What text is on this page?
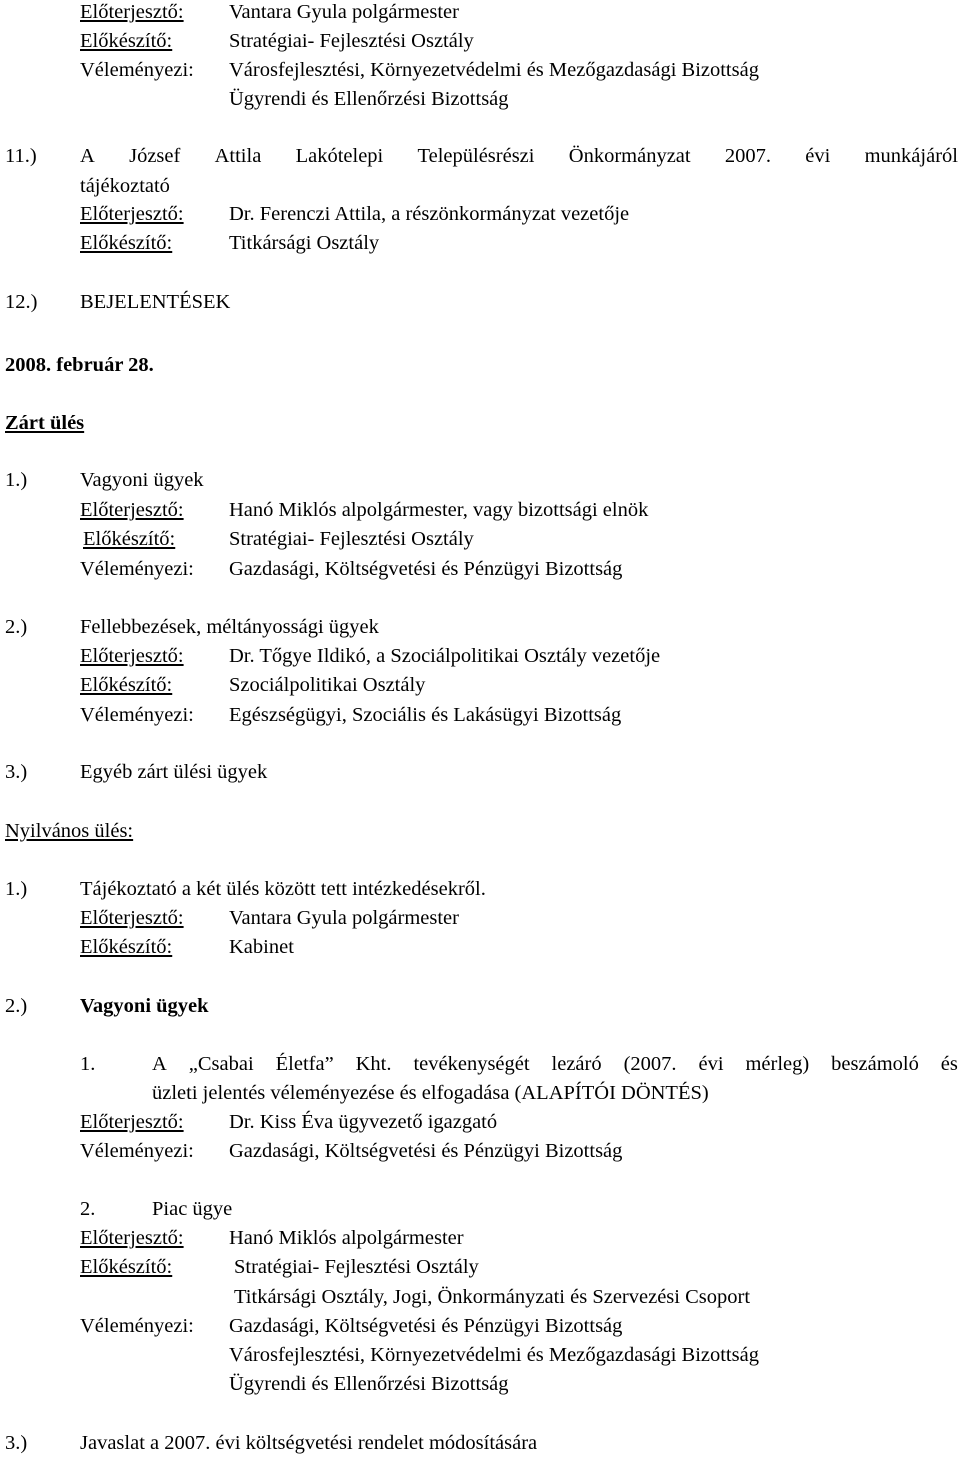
Előterjesztő: Vantara Gyula polgármester
Előkészítő:	Stratégiai- Fejlesztési Osztály
Véleményezi: Városfejlesztési, Környezetvédelmi és Mezőgazdasági Bizottság
Ügyrendi és Ellenőrzési Bizottság
11.) A József Attila Lakótelepi Településrészi Önkormányzat 2007. évi munkájáról
tájékoztató
Előterjesztő: Dr. Ferenczi Attila, a részönkormányzat vezetője
Előkészítő:	Titkársági Osztály
12.) BEJELENTÉSEK
2008. február 28.
Zárt ülés
1.)	Vagyoni ügyek
Előterjesztő: Hanó Miklós alpolgármester, vagy bizottsági elnök
Előkészítő:	Stratégiai- Fejlesztési Osztály
Véleményezi: Gazdasági, Költségvetési és Pénzügyi Bizottság
2.)	Fellebbezések, méltányossági ügyek
Előterjesztő: Dr. Tőgye Ildikó, a Szociálpolitikai Osztály vezetője
Előkészítő:	Szociálpolitikai Osztály
Véleményezi: Egészségügyi, Szociális és Lakásügyi Bizottság
3.)	Egyéb zárt ülési ügyek
Nyilvános ülés:
1.)	Tájékoztató a két ülés között tett intézkedésekről.
Előterjesztő: Vantara Gyula polgármester
Előkészítő:	Kabinet
2.)	Vagyoni ügyek
1.	A „Csabai Életfa” Kht. tevékenységét lezáró (2007. évi mérleg) beszámoló és
üzleti jelentés véleményezése és elfogadása (ALAPÍTÓI DÖNTÉS)
Előterjesztő: Dr. Kiss Éva ügyvezető igazgató
Véleményezi: Gazdasági, Költségvetési és Pénzügyi Bizottság
2.	Piac ügye
Előterjesztő: Hanó Miklós alpolgármester
Előkészítő:	Stratégiai- Fejlesztési Osztály
Titkársági Osztály, Jogi, Önkormányzati és Szervezési Csoport
Véleményezi: Gazdasági, Költségvetési és Pénzügyi Bizottság
Városfejlesztési, Környezetvédelmi és Mezőgazdasági Bizottság
Ügyrendi és Ellenőrzési Bizottság
3.)	Javaslat a 2007. évi költségvetési rendelet módosítására
